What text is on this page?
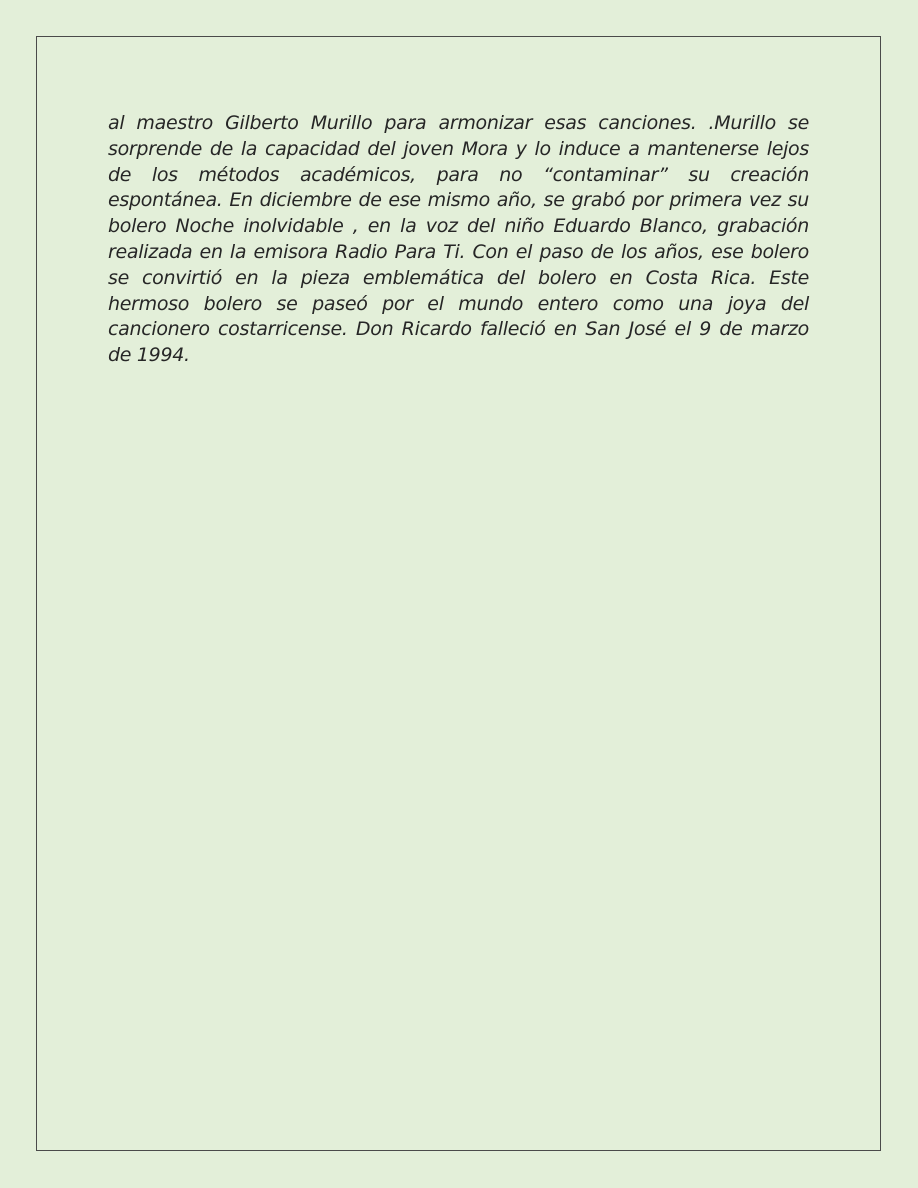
al maestro Gilberto Murillo para armonizar esas canciones. .Murillo se sorprende de la capacidad del joven Mora y lo induce a mantenerse lejos de los métodos académicos, para no “contaminar” su creación espontánea. En diciembre de ese mismo año, se grabó por primera vez su bolero Noche inolvidable , en la voz del niño Eduardo Blanco, grabación realizada en la emisora Radio Para Ti. Con el paso de los años, ese bolero se convirtió en la pieza emblemática del bolero en Costa Rica. Este hermoso bolero se paseó por el mundo entero como una joya del cancionero costarricense. Don Ricardo falleció en San José el 9 de marzo de 1994.
